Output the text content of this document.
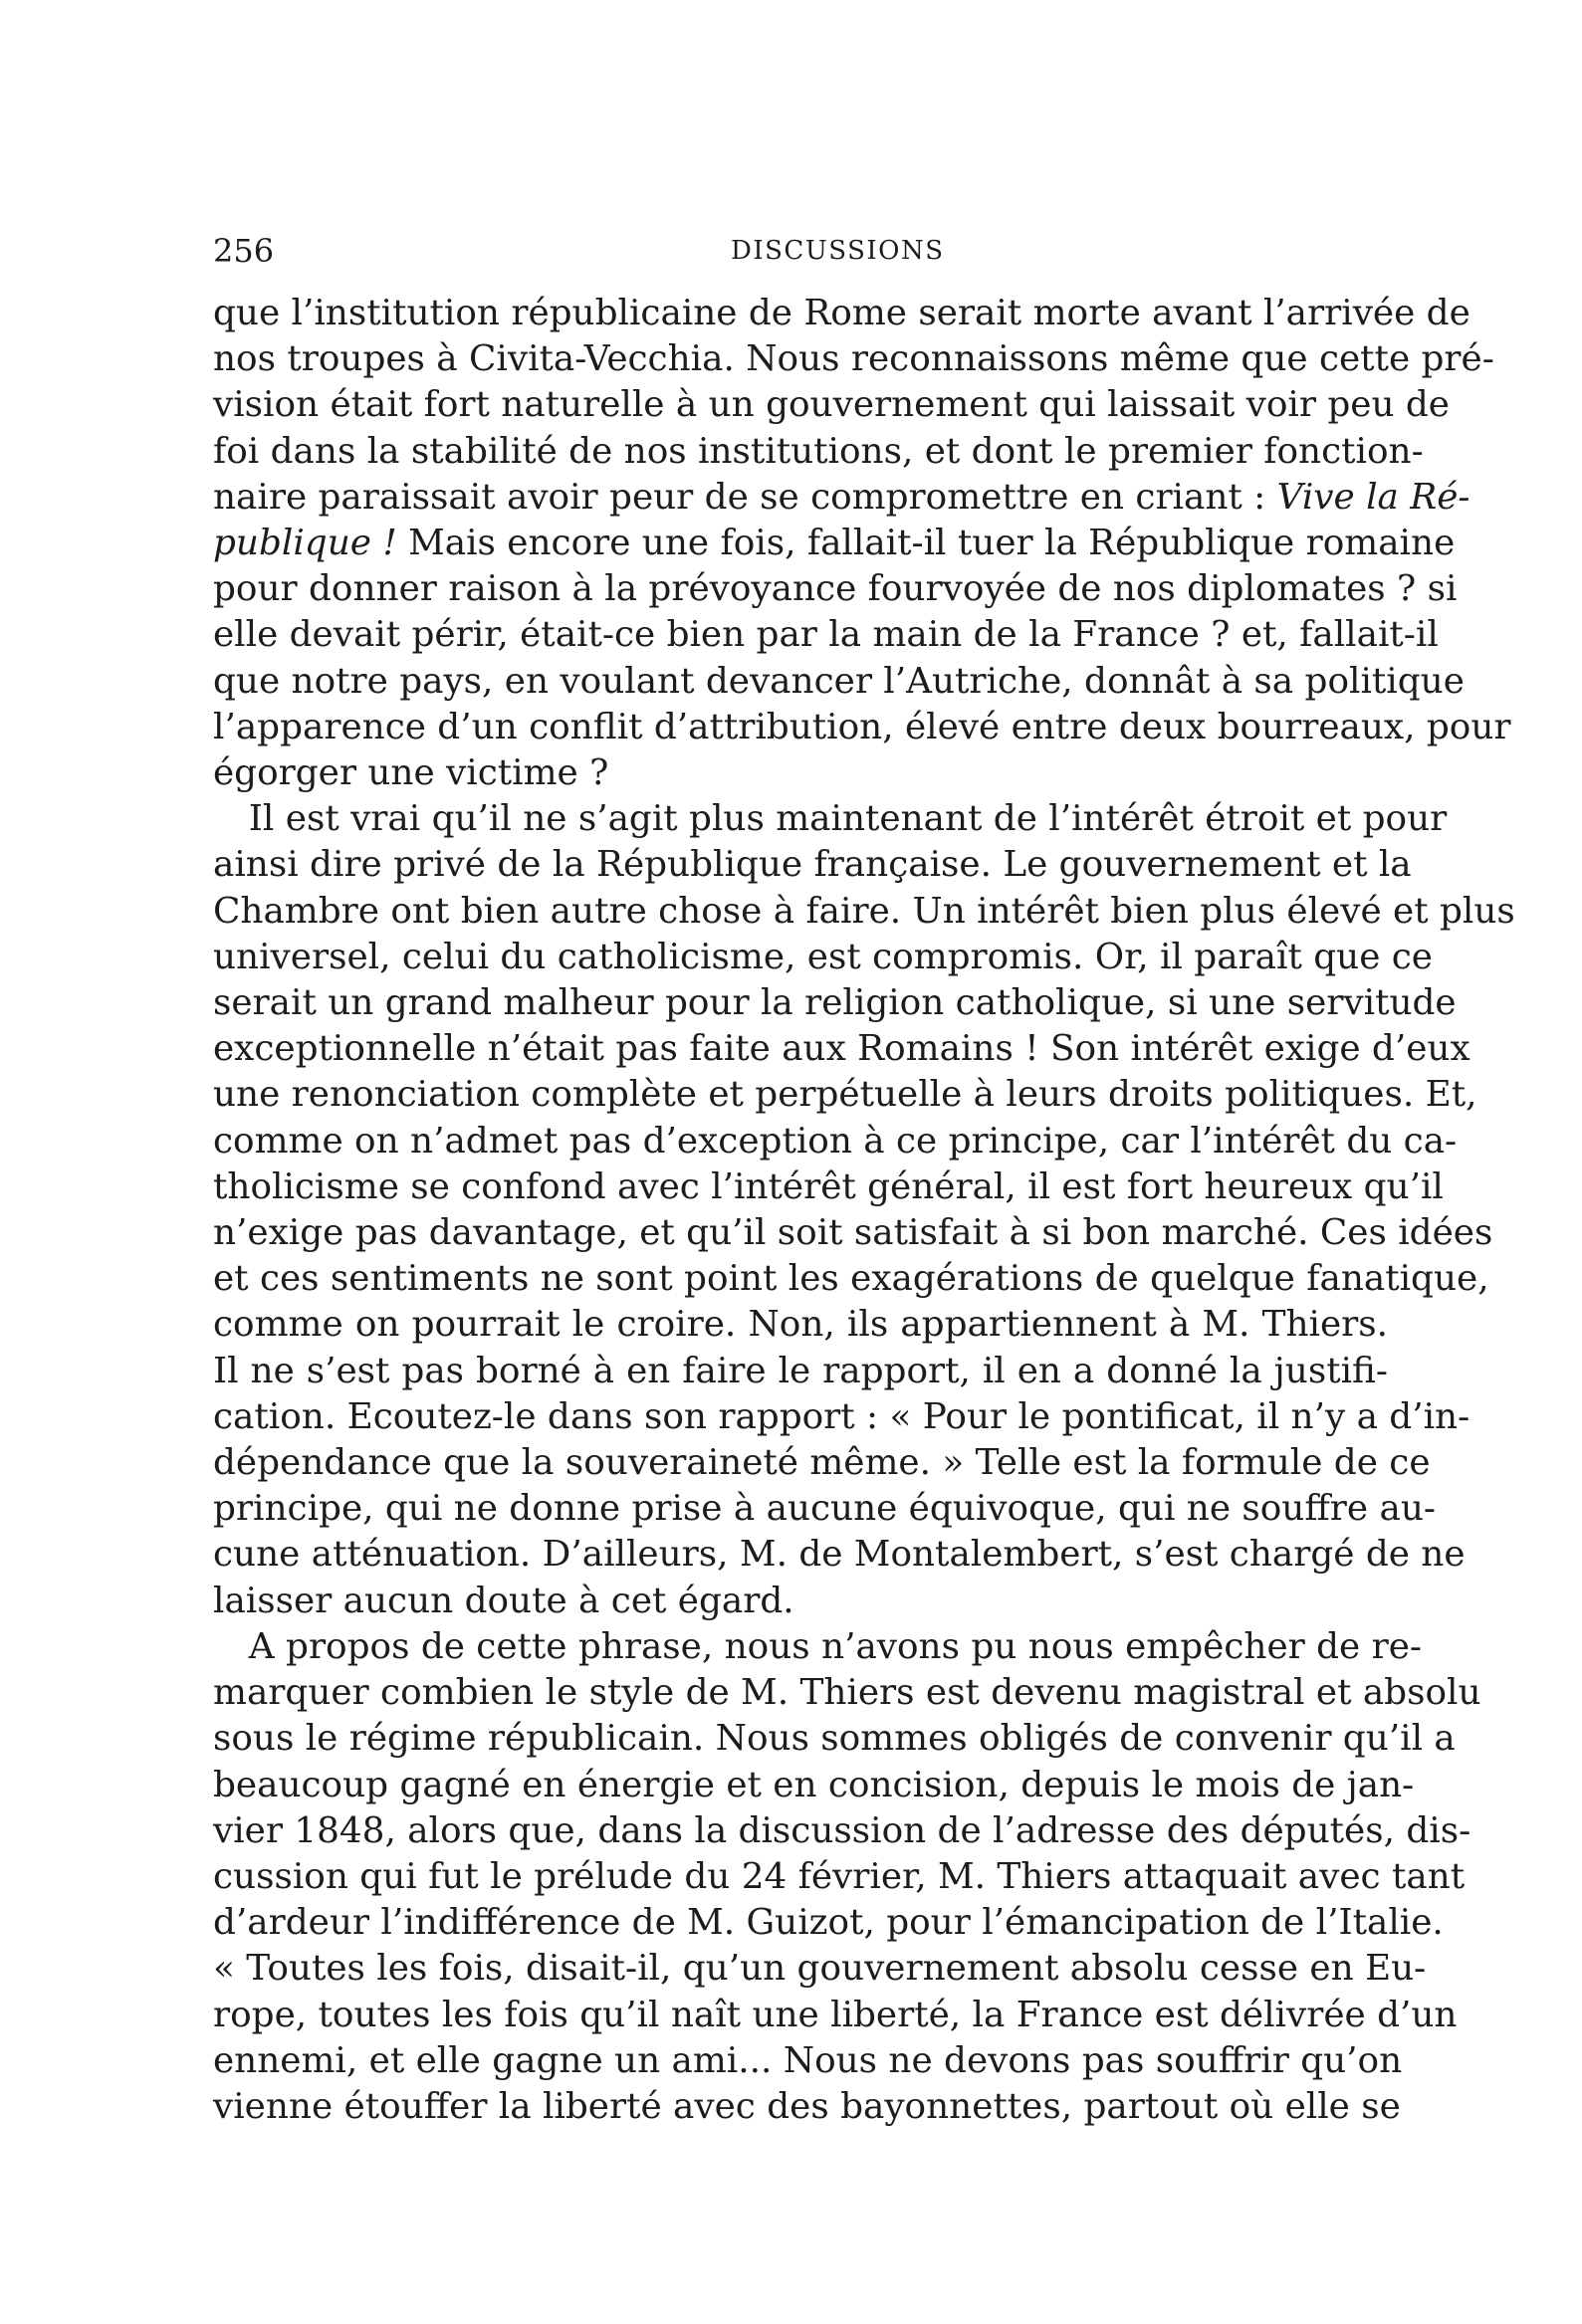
256	DISCUSSIONS
que l’institution républicaine de Rome serait morte avant l’arrivée de
nos troupes à Civita-Vecchia. Nous reconnaissons même que cette pré-
vision était fort naturelle à un gouvernement qui laissait voir peu de
foi dans la stabilité de nos institutions, et dont le premier fonction-
naire paraissait avoir peur de se compromettre en criant : Vive la Ré-
publique ! Mais encore une fois, fallait-il tuer la République romaine
pour donner raison à la prévoyance fourvoyée de nos diplomates ? si
elle devait périr, était-ce bien par la main de la France ? et, fallait-il
que notre pays, en voulant devancer l’Autriche, donnât à sa politique
l’apparence d’un conflit d’attribution, élevé entre deux bourreaux, pour
égorger une victime ?
Il est vrai qu’il ne s’agit plus maintenant de l’intérêt étroit et pour
ainsi dire privé de la République française. Le gouvernement et la
Chambre ont bien autre chose à faire. Un intérêt bien plus élevé et plus
universel, celui du catholicisme, est compromis. Or, il paraît que ce
serait un grand malheur pour la religion catholique, si une servitude
exceptionnelle n’était pas faite aux Romains ! Son intérêt exige d’eux
une renonciation complète et perpétuelle à leurs droits politiques. Et,
comme on n’admet pas d’exception à ce principe, car l’intérêt du ca-
tholicisme se confond avec l’intérêt général, il est fort heureux qu’il
n’exige pas davantage, et qu’il soit satisfait à si bon marché. Ces idées
et ces sentiments ne sont point les exagérations de quelque fanatique,
comme on pourrait le croire. Non, ils appartiennent à M. Thiers.
Il ne s’est pas borné à en faire le rapport, il en a donné la justifi-
cation. Ecoutez-le dans son rapport : « Pour le pontificat, il n’y a d’in-
dépendance que la souveraineté même. » Telle est la formule de ce
principe, qui ne donne prise à aucune équivoque, qui ne souffre au-
cune atténuation. D’ailleurs, M. de Montalembert, s’est chargé de ne
laisser aucun doute à cet égard.
A propos de cette phrase, nous n’avons pu nous empêcher de re-
marquer combien le style de M. Thiers est devenu magistral et absolu
sous le régime républicain. Nous sommes obligés de convenir qu’il a
beaucoup gagné en énergie et en concision, depuis le mois de jan-
vier 1848, alors que, dans la discussion de l’adresse des députés, dis-
cussion qui fut le prélude du 24 février, M. Thiers attaquait avec tant
d’ardeur l’indifférence de M. Guizot, pour l’émancipation de l’Italie.
« Toutes les fois, disait-il, qu’un gouvernement absolu cesse en Eu-
rope, toutes les fois qu’il naît une liberté, la France est délivrée d’un
ennemi, et elle gagne un ami... Nous ne devons pas souffrir qu’on
vienne étouffer la liberté avec des bayonnettes, partout où elle se
